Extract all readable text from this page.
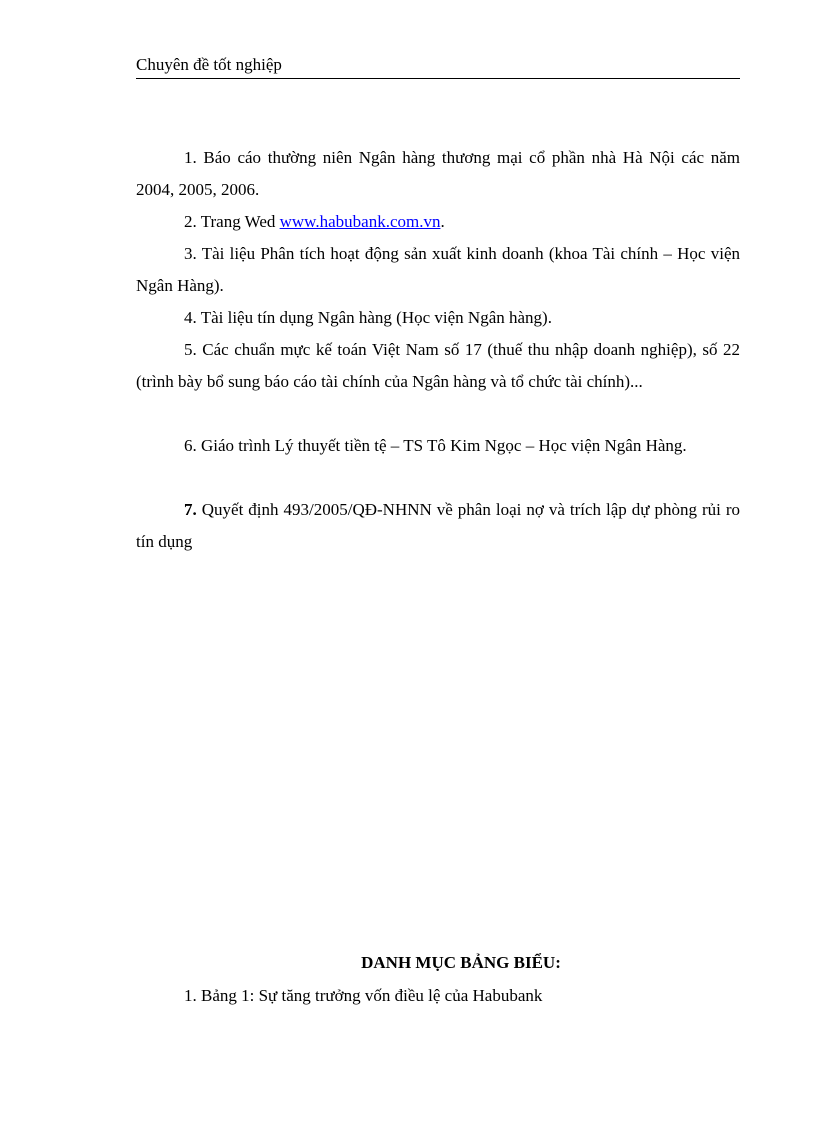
Chuyên đề tốt nghiệp
1. Báo cáo thường niên Ngân hàng thương mại cổ phần nhà Hà Nội các năm 2004, 2005, 2006.
2. Trang Wed www.habubank.com.vn.
3. Tài liệu Phân tích hoạt động sản xuất kinh doanh (khoa Tài chính – Học viện Ngân Hàng).
4. Tài liệu tín dụng Ngân hàng (Học viện Ngân hàng).
5. Các chuẩn mực kế toán Việt Nam số 17 (thuế thu nhập doanh nghiệp), số 22 (trình bày bổ sung báo cáo tài chính của Ngân hàng và tổ chức tài chính)...
6. Giáo trình Lý thuyết tiền tệ – TS Tô Kim Ngọc – Học viện Ngân Hàng.
7. Quyết định 493/2005/QĐ-NHNN về phân loại nợ và trích lập dự phòng rủi ro tín dụng
DANH MỤC BẢNG BIỂU:
1. Bảng 1: Sự tăng trưởng vốn điều lệ của Habubank
